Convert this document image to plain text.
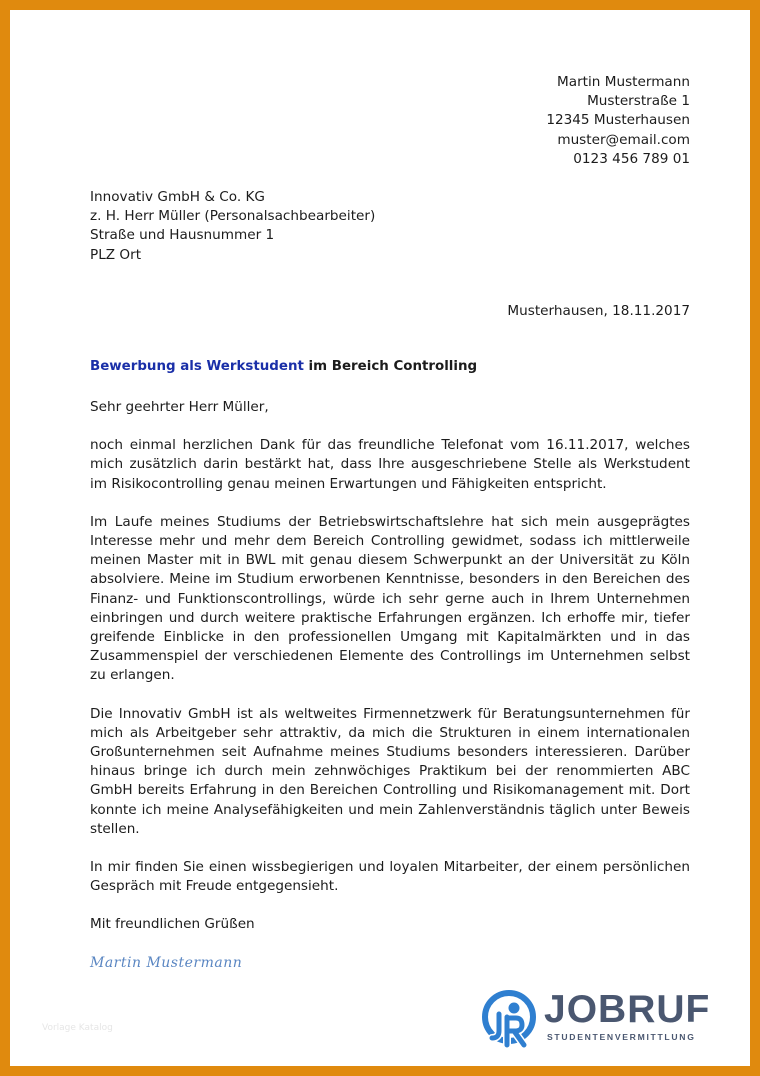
Martin Mustermann
Musterstraße 1
12345 Musterhausen
muster@email.com
0123 456 789 01
Innovativ GmbH & Co. KG
z. H. Herr Müller (Personalsachbearbeiter)
Straße und Hausnummer 1
PLZ Ort
Musterhausen, 18.11.2017
Bewerbung als Werkstudent im Bereich Controlling

Sehr geehrter Herr Müller,

noch einmal herzlichen Dank für das freundliche Telefonat vom 16.11.2017, welches mich zusätzlich darin bestärkt hat, dass Ihre ausgeschriebene Stelle als Werkstudent im Risikocontrolling genau meinen Erwartungen und Fähigkeiten entspricht.

Im Laufe meines Studiums der Betriebswirtschaftslehre hat sich mein ausgeprägtes Interesse mehr und mehr dem Bereich Controlling gewidmet, sodass ich mittlerweile meinen Master mit in BWL mit genau diesem Schwerpunkt an der Universität zu Köln absolviere. Meine im Studium erworbenen Kenntnisse, besonders in den Bereichen des Finanz- und Funktionscontrollings, würde ich sehr gerne auch in Ihrem Unternehmen einbringen und durch weitere praktische Erfahrungen ergänzen. Ich erhoffe mir, tiefer greifende Einblicke in den professionellen Umgang mit Kapitalmärkten und in das Zusammenspiel der verschiedenen Elemente des Controllings im Unternehmen selbst zu erlangen.

Die Innovativ GmbH ist als weltweites Firmennetzwerk für Beratungsunternehmen für mich als Arbeitgeber sehr attraktiv, da mich die Strukturen in einem internationalen Großunternehmen seit Aufnahme meines Studiums besonders interessieren. Darüber hinaus bringe ich durch mein zehnwöchiges Praktikum bei der renommierten ABC GmbH bereits Erfahrung in den Bereichen Controlling und Risikomanagement mit. Dort konnte ich meine Analysefähigkeiten und mein Zahlenverständnis täglich unter Beweis stellen.

In mir finden Sie einen wissbegierigen und loyalen Mitarbeiter, der einem persönlichen Gespräch mit Freude entgegensieht.

Mit freundlichen Grüßen

Martin Mustermann
Vorlage Katalog	JOBRUF
STUDENTENVERMITTLUNG
